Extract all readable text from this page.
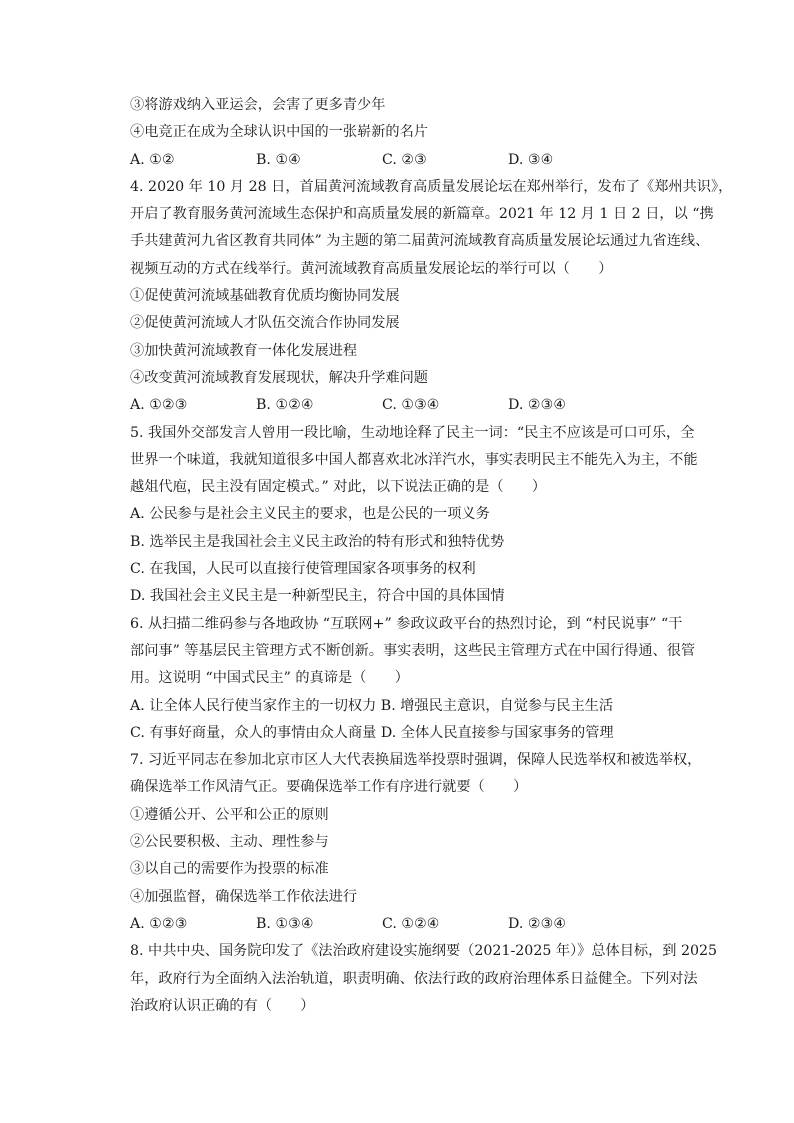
③将游戏纳入亚运会，会害了更多青少年
④电竞正在成为全球认识中国的一张崭新的名片
A. ①②	B. ①④	C. ②③	D. ③④
4. 2020 年 10 月 28 日，首届黄河流域教育高质量发展论坛在郑州举行，发布了《郑州共识》，
开启了教育服务黄河流域生态保护和高质量发展的新篇章。2021 年 12 月 1 日 2 日，以 “携
手共建黄河九省区教育共同体” 为主题的第二届黄河流域教育高质量发展论坛通过九省连线、
视频互动的方式在线举行。黄河流域教育高质量发展论坛的举行可以（　　）
①促使黄河流域基础教育优质均衡协同发展
②促使黄河流域人才队伍交流合作协同发展
③加快黄河流域教育一体化发展进程
④改变黄河流域教育发展现状，解决升学难问题
A. ①②③	B. ①②④	C. ①③④	D. ②③④
5. 我国外交部发言人曾用一段比喻，生动地诠释了民主一词：“民主不应该是可口可乐，全
世界一个味道，我就知道很多中国人都喜欢北冰洋汽水，事实表明民主不能先入为主，不能
越俎代庖，民主没有固定模式。” 对此，以下说法正确的是（　　）
A. 公民参与是社会主义民主的要求，也是公民的一项义务
B. 选举民主是我国社会主义民主政治的特有形式和独特优势
C. 在我国，人民可以直接行使管理国家各项事务的权利
D. 我国社会主义民主是一种新型民主，符合中国的具体国情
6. 从扫描二维码参与各地政协 “互联网+” 参政议政平台的热烈讨论，到 “村民说事” “干
部问事” 等基层民主管理方式不断创新。事实表明，这些民主管理方式在中国行得通、很管
用。这说明 “中国式民主” 的真谛是（　　）
A. 让全体人民行使当家作主的一切权力 B. 增强民主意识，自觉参与民主生活
C. 有事好商量，众人的事情由众人商量 D. 全体人民直接参与国家事务的管理
7. 习近平同志在参加北京市区人大代表换届选举投票时强调，保障人民选举权和被选举权，
确保选举工作风清气正。要确保选举工作有序进行就要（　　）
①遵循公开、公平和公正的原则
②公民要积极、主动、理性参与
③以自己的需要作为投票的标准
④加强监督，确保选举工作依法进行
A. ①②③	B. ①③④	C. ①②④	D. ②③④
8. 中共中央、国务院印发了《法治政府建设实施纲要（2021-2025 年）》总体目标，到 2025
年，政府行为全面纳入法治轨道，职责明确、依法行政的政府治理体系日益健全。下列对法
治政府认识正确的有（　　）
